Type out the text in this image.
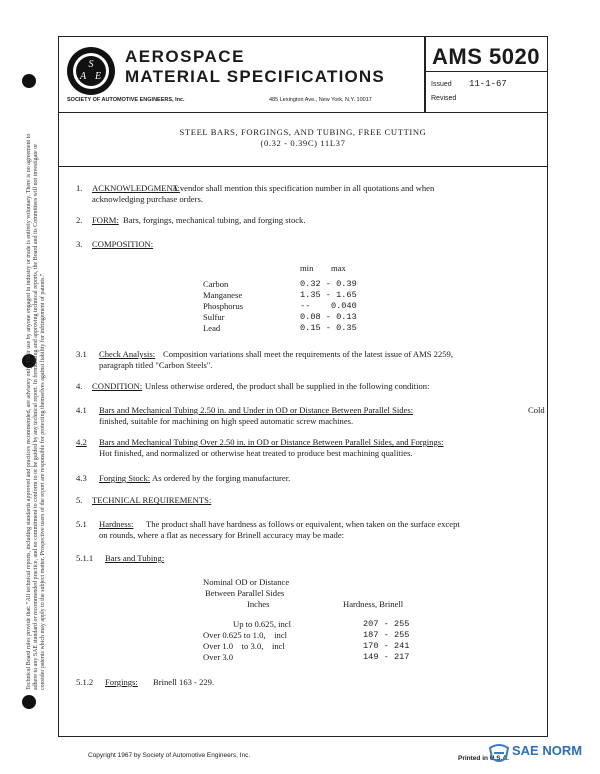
Technical Board rules provide that: "All technical reports, including standards approved and practices recommended, are advisory only. Their use by anyone engaged in industry or trade is entirely voluntary. There is no agreement to adhere to any SAE standard or recommended practice, and no commitment to conform to or be guided by any technical report. In formulating and approving technical reports, the Board and its Committees will not investigate or consider patents which may apply to the subject matter. Prospective users of the report are responsible for protecting themselves against liability for infringement of patents."
S
A E
AEROSPACE
MATERIAL SPECIFICATIONS
SOCIETY OF AUTOMOTIVE ENGINEERS, Inc.	485 Lexington Ave., New York, N.Y. 10017
AMS 5020
Issued 11-1-67
Revised
STEEL BARS, FORGINGS, AND TUBING, FREE CUTTING
(0.32 - 0.39C) 11L37
1. ACKNOWLEDGMENT:
A vendor shall mention this specification number in all quotations and when
acknowledging purchase orders.
2. FORM: Bars, forgings, mechanical tubing, and forging stock.
3. COMPOSITION:
min max
Carbon	0.32 - 0.39
Manganese	1.35 - 1.65
Phosphorus	--    0.040
Sulfur	0.08 - 0.13
Lead	0.15 - 0.35
3.1 Check Analysis: Composition variations shall meet the requirements of the latest issue of AMS 2259,
paragraph titled "Carbon Steels".
4. CONDITION: Unless otherwise ordered, the product shall be supplied in the following condition:
4.1 Bars and Mechanical Tubing 2.50 in. and Under in OD or Distance Between Parallel Sides:	Cold
finished, suitable for machining on high speed automatic screw machines.
4.2 Bars and Mechanical Tubing Over 2.50 in. in OD or Distance Between Parallel Sides, and Forgings:
Hot finished, and normalized or otherwise heat treated to produce best machining qualities.
4.3 Forging Stock: As ordered by the forging manufacturer.
5. TECHNICAL REQUIREMENTS:
5.1 Hardness: The product shall have hardness as follows or equivalent, when taken on the surface except
on rounds, where a flat as necessary for Brinell accuracy may be made:
5.1.1 Bars and Tubing:
Nominal OD or Distance
Between Parallel Sides
Inches	Hardness, Brinell
Up to 0.625, incl	207 - 255
Over 0.625 to 1.0,    incl	187 - 255
Over 1.0    to 3.0,    incl	170 - 241
Over 3.0	149 - 217
5.1.2 Forgings: Brinell 163 - 229.
Copyright 1967 by Society of Automotive Engineers, Inc.	Printed in U.S.A.
SAE NORM
